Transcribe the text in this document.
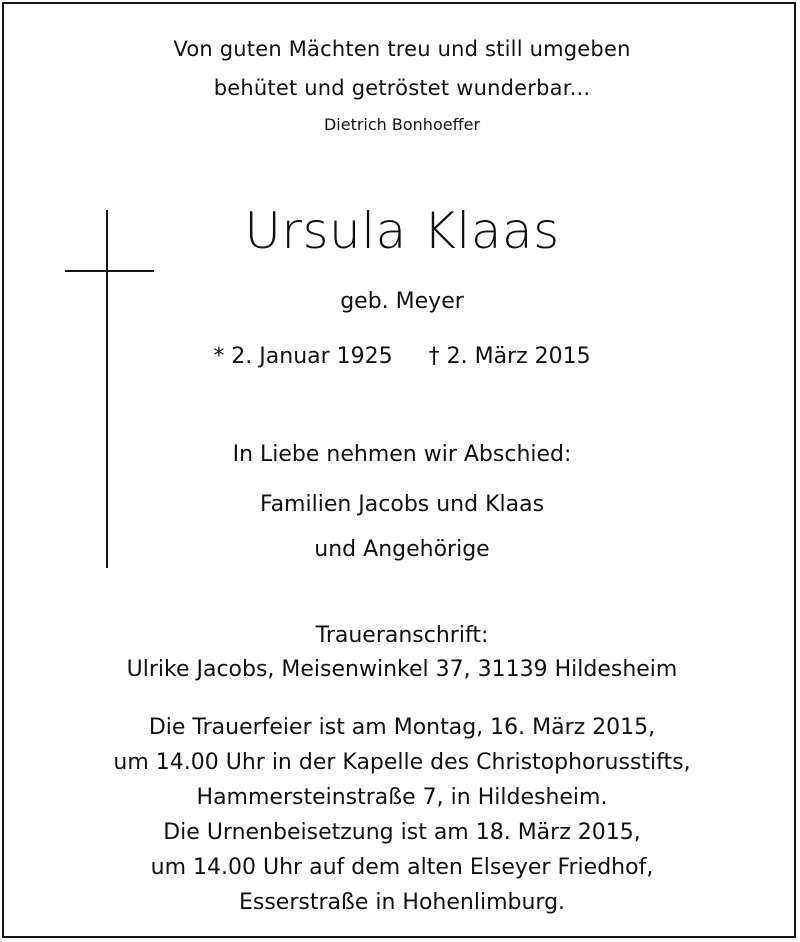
Von guten Mächten treu und still umgeben
behütet und getröstet wunderbar...
Dietrich Bonhoeffer
Ursula Klaas
geb. Meyer
* 2. Januar 1925 † 2. März 2015
In Liebe nehmen wir Abschied:
Familien Jacobs und Klaas
und Angehörige
Traueranschrift:
Ulrike Jacobs, Meisenwinkel 37, 31139 Hildesheim
Die Trauerfeier ist am Montag, 16. März 2015,
um 14.00 Uhr in der Kapelle des Christophorusstifts,
Hammersteinstraße 7, in Hildesheim.
Die Urnenbeisetzung ist am 18. März 2015,
um 14.00 Uhr auf dem alten Elseyer Friedhof,
Esserstraße in Hohenlimburg.
